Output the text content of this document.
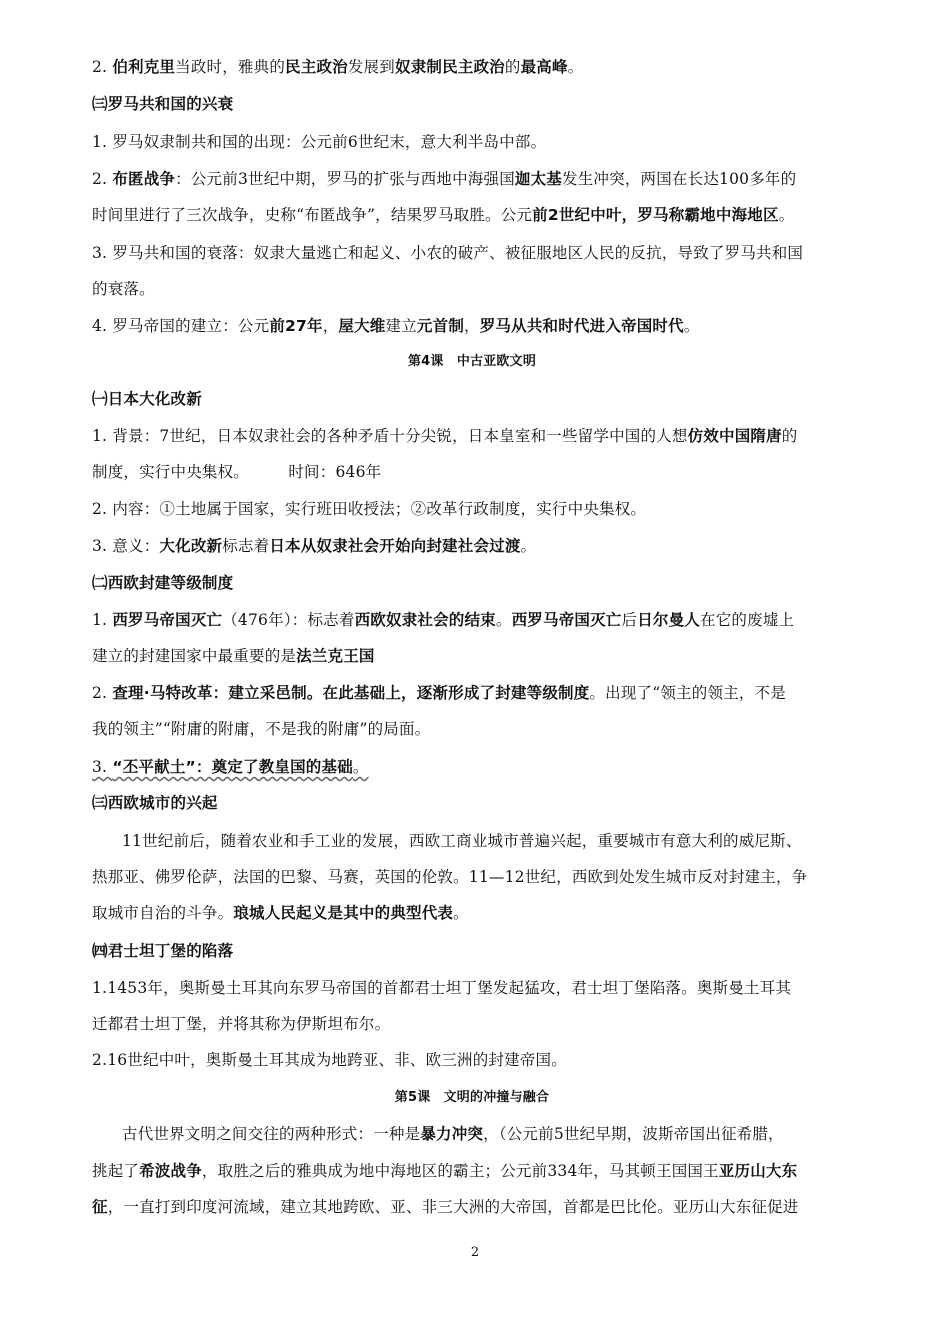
2. 伯利克里当政时，雅典的民主政治发展到奴隶制民主政治的最高峰。
㈢罗马共和国的兴衰
1. 罗马奴隶制共和国的出现：公元前6世纪末，意大利半岛中部。
2. 布匿战争：公元前3世纪中期，罗马的扩张与西地中海强国迦太基发生冲突，两国在长达100多年的
时间里进行了三次战争，史称“布匿战争”，结果罗马取胜。公元前2世纪中叶，罗马称霸地中海地区。
3. 罗马共和国的衰落：奴隶大量逃亡和起义、小农的破产、被征服地区人民的反抗，导致了罗马共和国
的衰落。
4. 罗马帝国的建立：公元前27年，屋大维建立元首制，罗马从共和时代进入帝国时代。
第4课　中古亚欧文明
㈠日本大化改新
1. 背景：7世纪，日本奴隶社会的各种矛盾十分尖锐，日本皇室和一些留学中国的人想仿效中国隋唐的
制度，实行中央集权。　　　时间：646年
2. 内容：①土地属于国家，实行班田收授法；②改革行政制度，实行中央集权。
3. 意义：大化改新标志着日本从奴隶社会开始向封建社会过渡。
㈡西欧封建等级制度
1. 西罗马帝国灭亡（476年）：标志着西欧奴隶社会的结束。西罗马帝国灭亡后日尔曼人在它的废墟上
建立的封建国家中最重要的是法兰克王国
2. 查理·马特改革：建立采邑制。在此基础上，逐渐形成了封建等级制度。出现了“领主的领主，不是
我的领主”“附庸的附庸，不是我的附庸”的局面。
3. “丕平献土”：奠定了教皇国的基础。
㈢西欧城市的兴起
11世纪前后，随着农业和手工业的发展，西欧工商业城市普遍兴起，重要城市有意大利的威尼斯、
热那亚、佛罗伦萨，法国的巴黎、马赛，英国的伦敦。11—12世纪，西欧到处发生城市反对封建主，争
取城市自治的斗争。琅城人民起义是其中的典型代表。
㈣君士坦丁堡的陷落
1.1453年，奥斯曼土耳其向东罗马帝国的首都君士坦丁堡发起猛攻，君士坦丁堡陷落。奥斯曼土耳其
迁都君士坦丁堡，并将其称为伊斯坦布尔。
2.16世纪中叶，奥斯曼土耳其成为地跨亚、非、欧三洲的封建帝国。
第5课　文明的冲撞与融合
古代世界文明之间交往的两种形式：一种是暴力冲突，（公元前5世纪早期，波斯帝国出征希腊，
挑起了希波战争，取胜之后的雅典成为地中海地区的霸主；公元前334年，马其顿王国国王亚历山大东
征，一直打到印度河流域，建立其地跨欧、亚、非三大洲的大帝国，首都是巴比伦。亚历山大东征促进
2
